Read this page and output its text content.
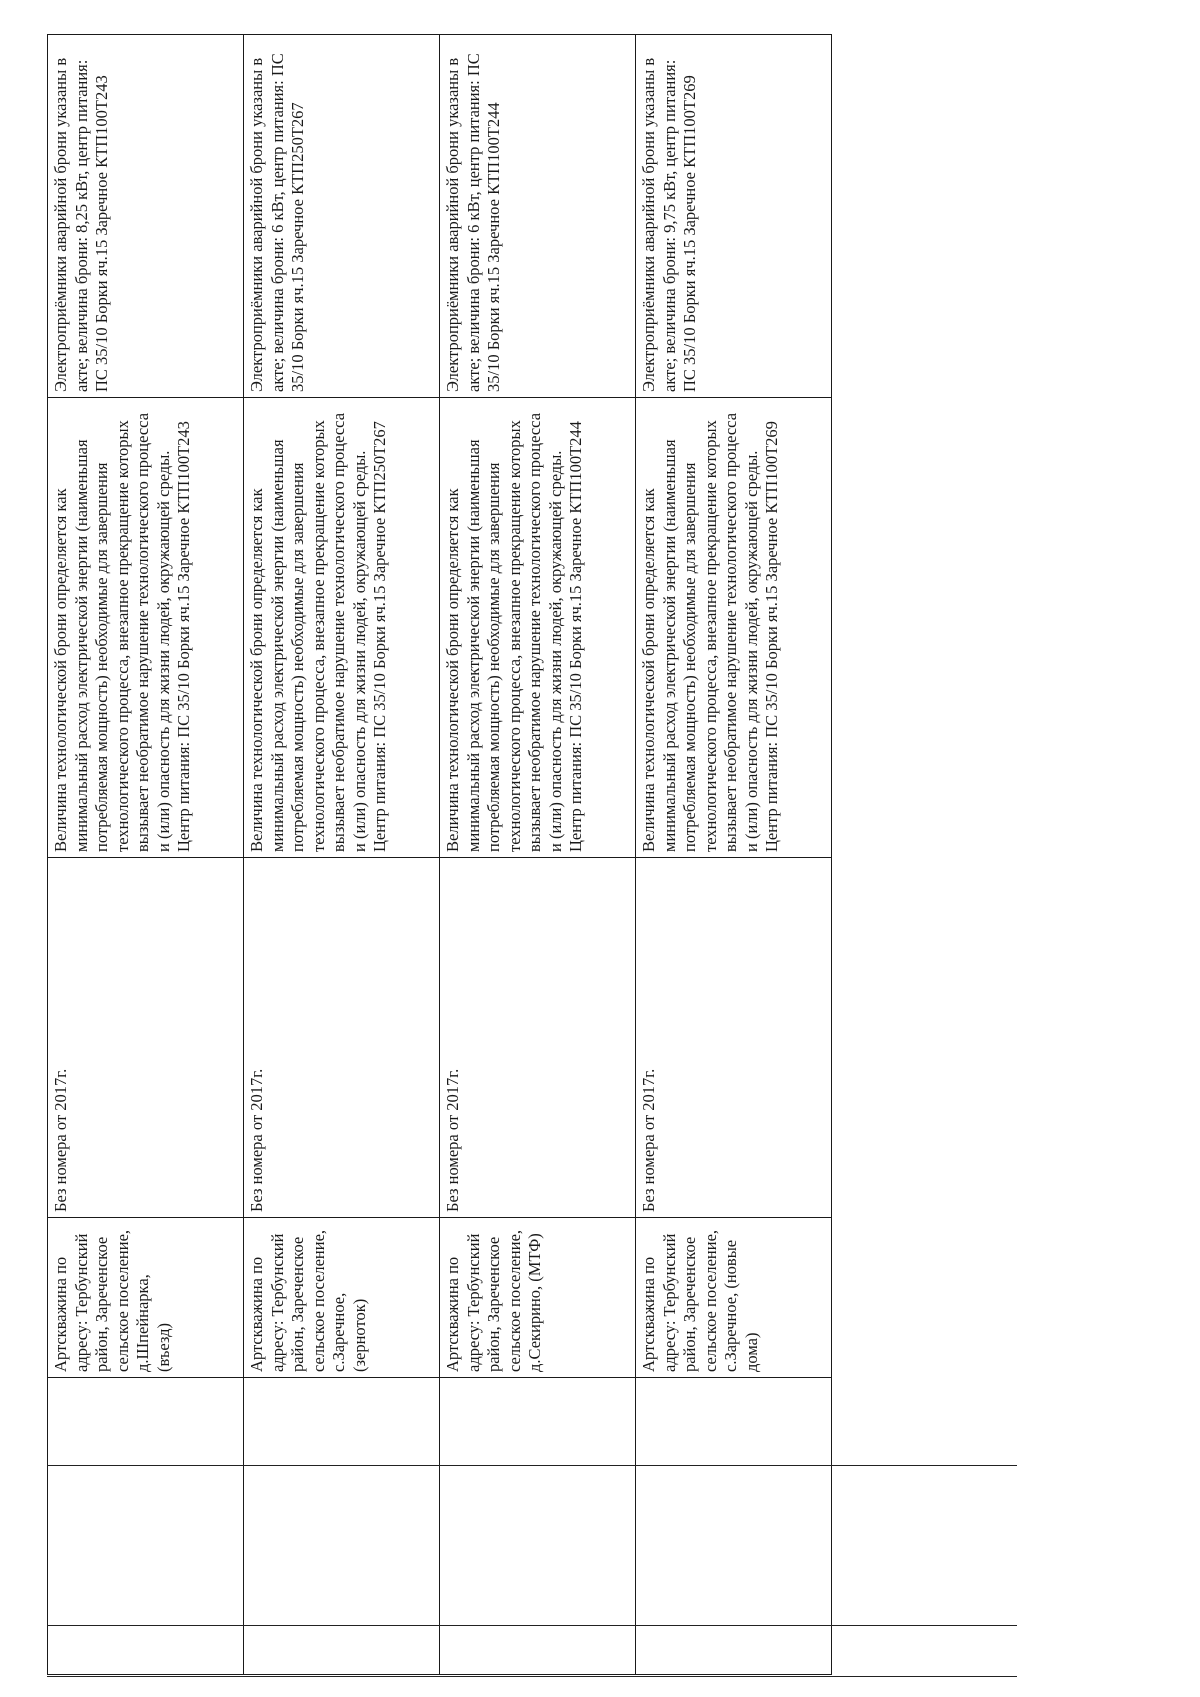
	Артскважина по адресу: Тербунский район, Зареченское сельское поселение, д.Шпейнарка, (въезд)	Без номера от 2017г.	Величина технологической брони определяется как минимальный расход электрической энергии (наименьшая потребляемая мощность) необходимые для завершения технологического процесса, внезапное прекращение которых вызывает необратимое нарушение технологического процесса и (или) опасность для жизни людей, окружающей среды. Центр питания: ПС 35/10 Борки яч.15 Заречное КТП100Т243	Электроприёмники аварийной брони указаны в акте; величина брони: 8,25 кВт, центр питания: ПС 35/10 Борки яч.15 Заречное КТП100Т243
	Артскважина по адресу: Тербунский район, Зареченское сельское поселение, с.Заречное, (зерноток)	Без номера от 2017г.	Величина технологической брони определяется как минимальный расход электрической энергии (наименьшая потребляемая мощность) необходимые для завершения технологического процесса, внезапное прекращение которых вызывает необратимое нарушение технологического процесса и (или) опасность для жизни людей, окружающей среды. Центр питания: ПС 35/10 Борки яч.15 Заречное КТП250Т267	Электроприёмники аварийной брони указаны в акте; величина брони: 6 кВт, центр питания: ПС 35/10 Борки яч.15 Заречное КТП250Т267
	Артскважина по адресу: Тербунский район, Зареченское сельское поселение, д.Секирино, (МТФ)	Без номера от 2017г.	Величина технологической брони определяется как минимальный расход электрической энергии (наименьшая потребляемая мощность) необходимые для завершения технологического процесса, внезапное прекращение которых вызывает необратимое нарушение технологического процесса и (или) опасность для жизни людей, окружающей среды. Центр питания: ПС 35/10 Борки яч.15 Заречное КТП100Т244	Электроприёмники аварийной брони указаны в акте; величина брони: 6 кВт, центр питания: ПС 35/10 Борки яч.15 Заречное КТП100Т244
	Артскважина по адресу: Тербунский район, Зареченское сельское поселение, с.Заречное, (новые дома)	Без номера от 2017г.	Величина технологической брони определяется как минимальный расход электрической энергии (наименьшая потребляемая мощность) необходимые для завершения технологического процесса, внезапное прекращение которых вызывает необратимое нарушение технологического процесса и (или) опасность для жизни людей, окружающей среды. Центр питания: ПС 35/10 Борки яч.15 Заречное КТП100Т269	Электроприёмники аварийной брони указаны в акте; величина брони: 9,75 кВт, центр питания: ПС 35/10 Борки яч.15 Заречное КТП100Т269
